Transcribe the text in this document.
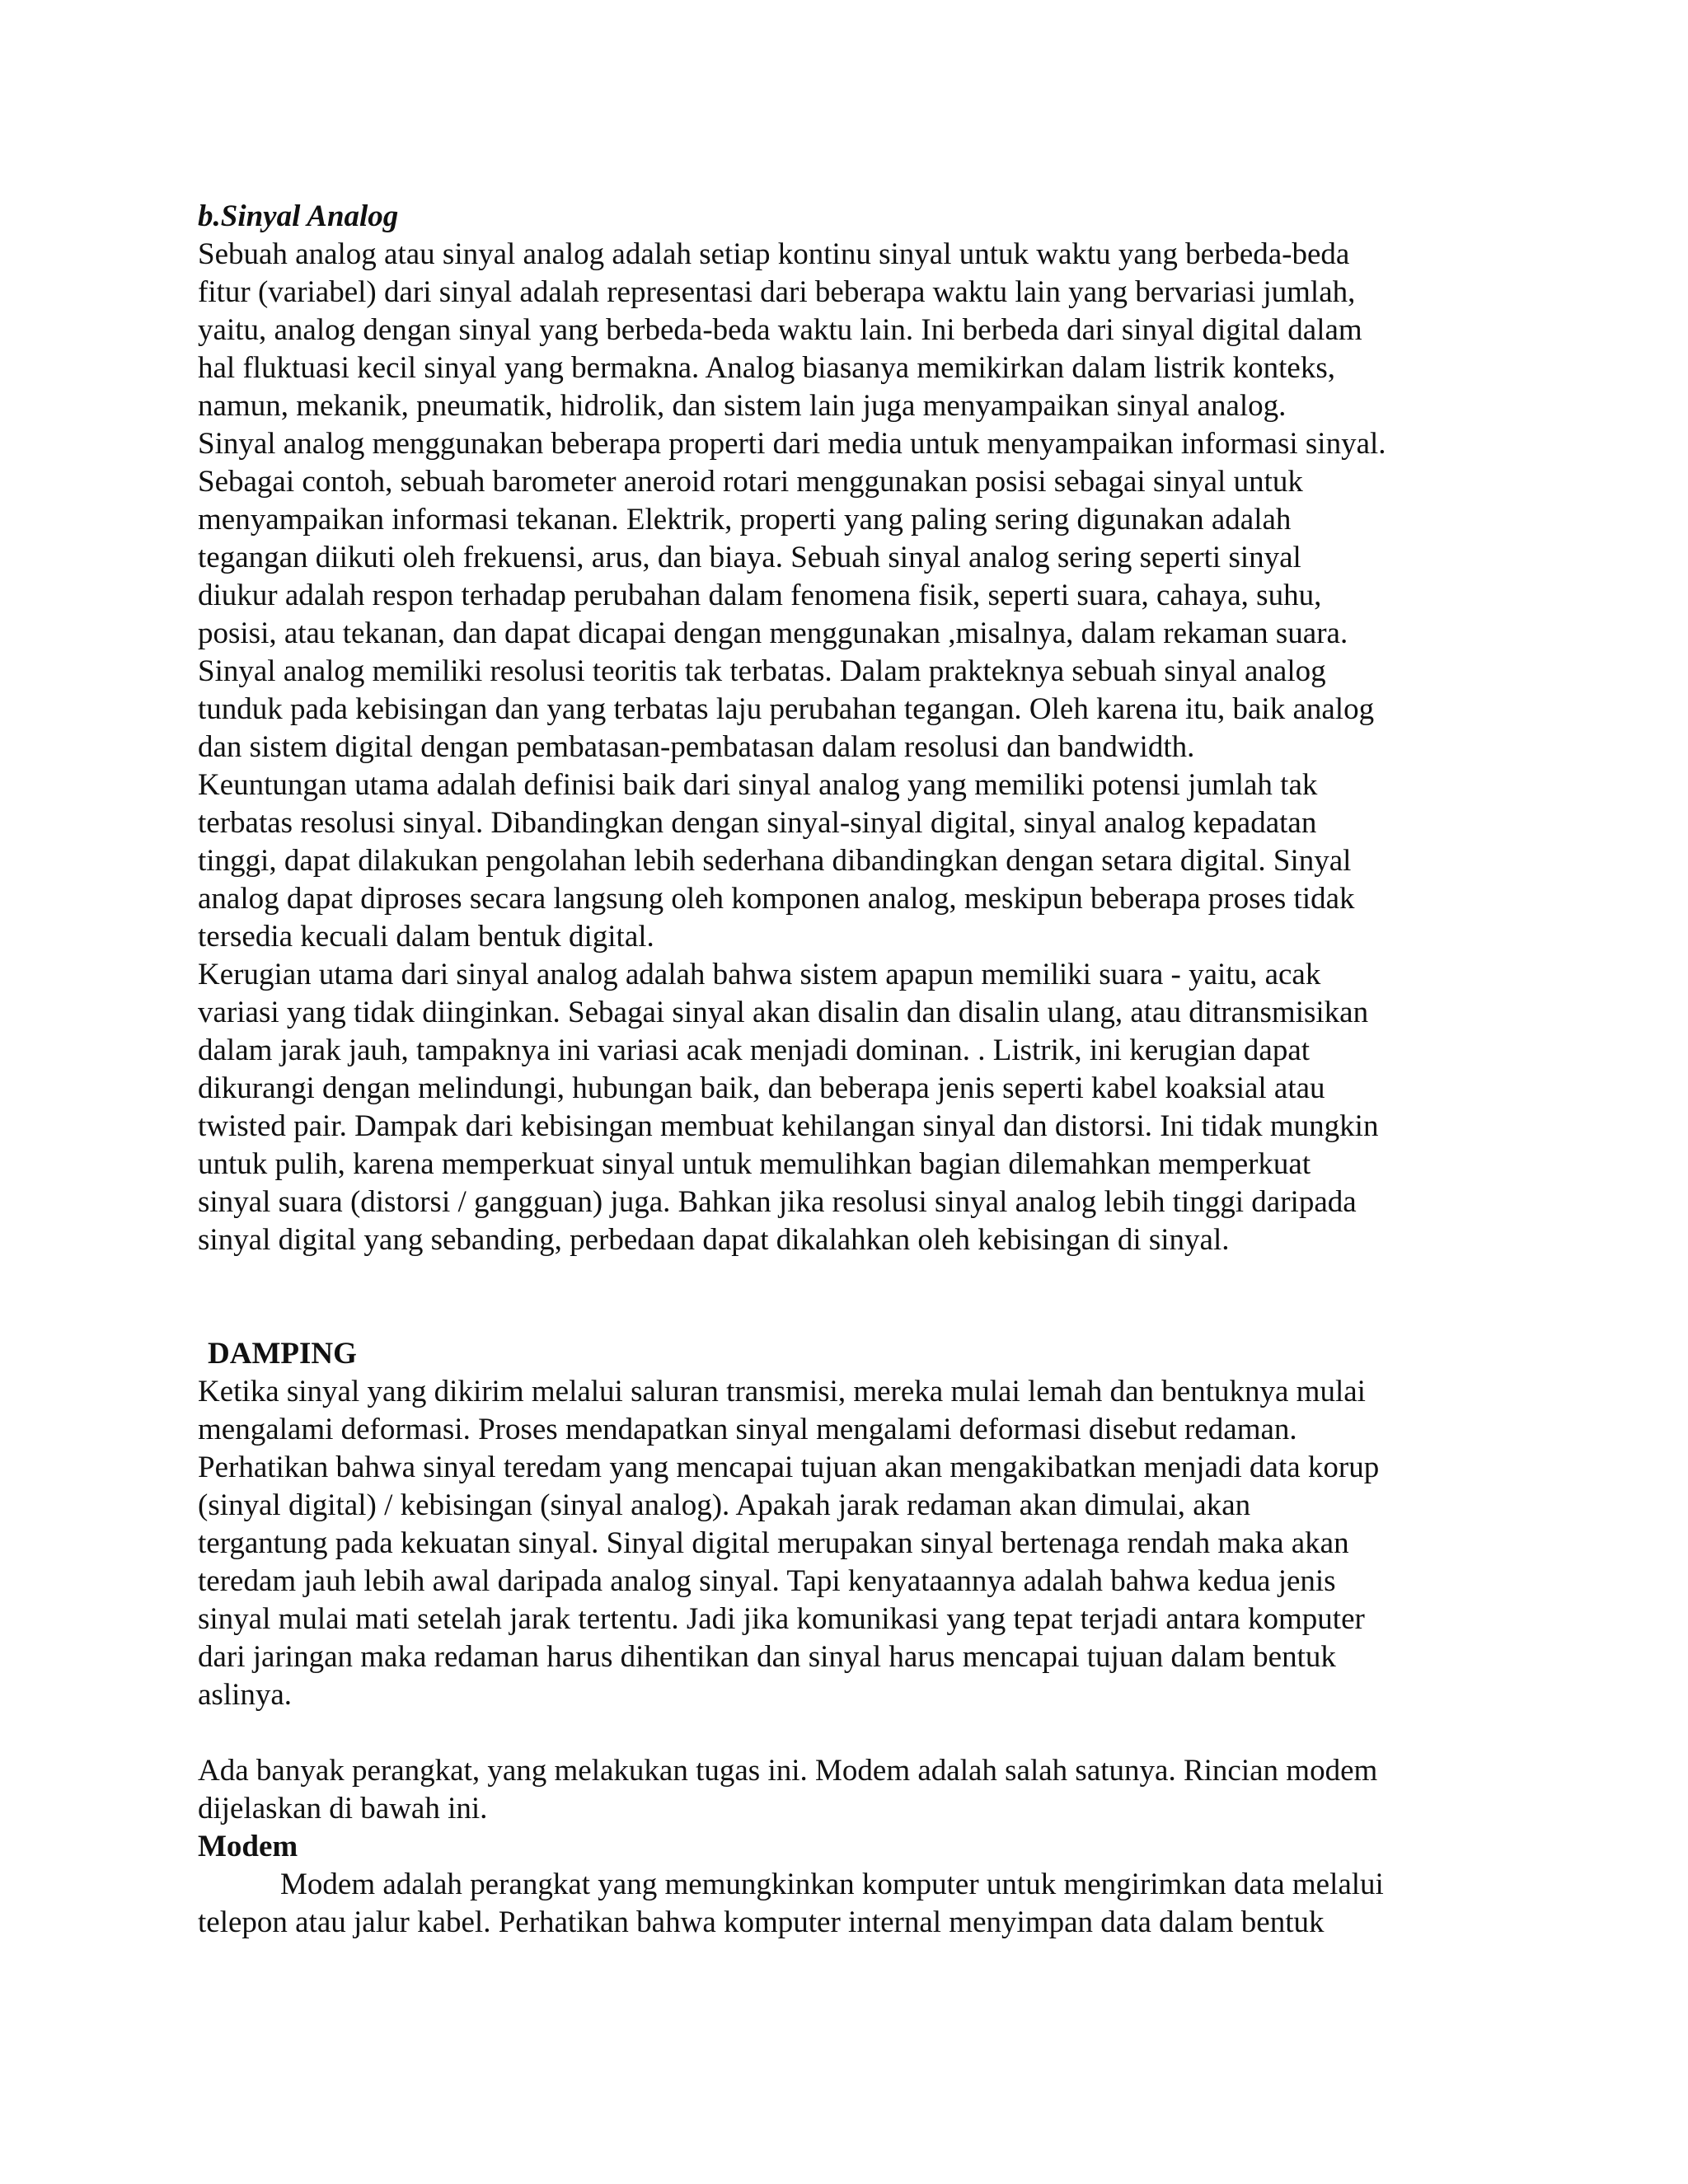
b.Sinyal Analog
Sebuah analog atau sinyal analog adalah setiap kontinu sinyal untuk waktu yang berbeda-beda
fitur (variabel) dari sinyal adalah representasi dari beberapa waktu lain yang bervariasi jumlah,
yaitu, analog dengan sinyal yang berbeda-beda waktu lain. Ini berbeda dari sinyal digital dalam
hal fluktuasi kecil sinyal yang bermakna. Analog biasanya memikirkan dalam listrik konteks,
namun, mekanik, pneumatik, hidrolik, dan sistem lain juga menyampaikan sinyal analog.
Sinyal analog menggunakan beberapa properti dari media untuk menyampaikan informasi sinyal.
Sebagai contoh, sebuah barometer aneroid rotari menggunakan posisi sebagai sinyal untuk
menyampaikan informasi tekanan. Elektrik, properti yang paling sering digunakan adalah
tegangan diikuti oleh frekuensi, arus, dan biaya. Sebuah sinyal analog sering seperti sinyal
diukur adalah respon terhadap perubahan dalam fenomena fisik, seperti suara, cahaya, suhu,
posisi, atau tekanan, dan dapat dicapai dengan menggunakan ,misalnya, dalam rekaman suara.
Sinyal analog memiliki resolusi teoritis tak terbatas. Dalam prakteknya sebuah sinyal analog
tunduk pada kebisingan dan yang terbatas laju perubahan tegangan. Oleh karena itu, baik analog
dan sistem digital dengan pembatasan-pembatasan dalam resolusi dan bandwidth.
Keuntungan utama adalah definisi baik dari sinyal analog yang memiliki potensi jumlah tak
terbatas resolusi sinyal. Dibandingkan dengan sinyal-sinyal digital, sinyal analog kepadatan
tinggi, dapat dilakukan pengolahan lebih sederhana dibandingkan dengan setara digital. Sinyal
analog dapat diproses secara langsung oleh komponen analog, meskipun beberapa proses tidak
tersedia kecuali dalam bentuk digital.
Kerugian utama dari sinyal analog adalah bahwa sistem apapun memiliki suara - yaitu, acak
variasi yang tidak diinginkan. Sebagai sinyal akan disalin dan disalin ulang, atau ditransmisikan
dalam jarak jauh, tampaknya ini variasi acak menjadi dominan. . Listrik, ini kerugian dapat
dikurangi dengan melindungi, hubungan baik, dan beberapa jenis seperti kabel koaksial atau
twisted pair. Dampak dari kebisingan membuat kehilangan sinyal dan distorsi. Ini tidak mungkin
untuk pulih, karena memperkuat sinyal untuk memulihkan bagian dilemahkan memperkuat
sinyal suara (distorsi / gangguan) juga. Bahkan jika resolusi sinyal analog lebih tinggi daripada
sinyal digital yang sebanding, perbedaan dapat dikalahkan oleh kebisingan di sinyal.
DAMPING
Ketika sinyal yang dikirim melalui saluran transmisi, mereka mulai lemah dan bentuknya mulai
mengalami deformasi. Proses mendapatkan sinyal mengalami deformasi disebut redaman.
Perhatikan bahwa sinyal teredam yang mencapai tujuan akan mengakibatkan menjadi data korup
(sinyal digital) / kebisingan (sinyal analog). Apakah jarak redaman akan dimulai, akan
tergantung pada kekuatan sinyal. Sinyal digital merupakan sinyal bertenaga rendah maka akan
teredam jauh lebih awal daripada analog sinyal. Tapi kenyataannya adalah bahwa kedua jenis
sinyal mulai mati setelah jarak tertentu. Jadi jika komunikasi yang tepat terjadi antara komputer
dari jaringan maka redaman harus dihentikan dan sinyal harus mencapai tujuan dalam bentuk
aslinya.
Ada banyak perangkat, yang melakukan tugas ini. Modem adalah salah satunya. Rincian modem
dijelaskan di bawah ini.
Modem
Modem adalah perangkat yang memungkinkan komputer untuk mengirimkan data melalui
telepon atau jalur kabel. Perhatikan bahwa komputer internal menyimpan data dalam bentuk
